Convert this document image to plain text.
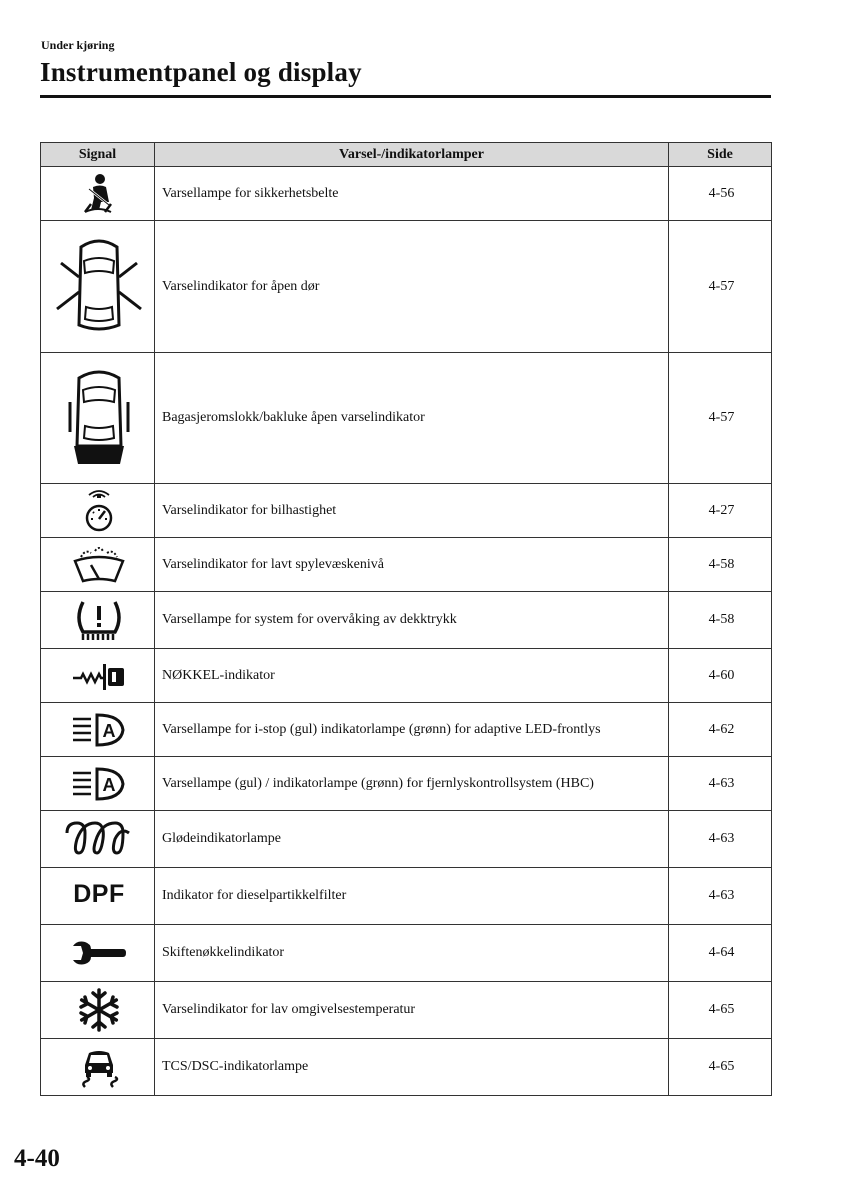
Under kjøring
Instrumentpanel og display
Signal	Varsel-/indikatorlamper	Side

	Varsellampe for sikkerhetsbelte	4-56

	Varselindikator for åpen dør	4-57

	Bagasjeromslokk/bakluke åpen varselindikator	4-57

	Varselindikator for bilhastighet	4-27

	Varselindikator for lavt spylevæskenivå	4-58

	Varsellampe for system for overvåking av dekktrykk	4-58

	NØKKEL-indikator	4-60

A	Varsellampe for i-stop (gul) indikatorlampe (grønn) for adaptive LED-frontlys	4-62

A	Varsellampe (gul) / indikatorlampe (grønn) for fjernlyskontrollsystem (HBC)	4-63

	Glødeindikatorlampe	4-63
DPF	Indikator for dieselpartikkelfilter	4-63

	Skiftenøkkelindikator	4-64

	Varselindikator for lav omgivelsestemperatur	4-65

	TCS/DSC-indikatorlampe	4-65
4-40
